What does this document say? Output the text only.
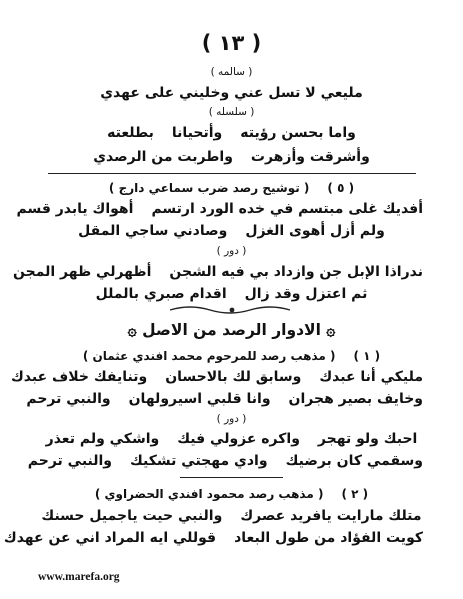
( ١٣ )
( سالمه )
مليعي لا تسل عني وخليني على عهدي
( سلسله )
واما بحسن رؤيتهوأتحيانابطلعته
وأشرقت وأزهرتواطربت من الرصدي
( ٥ )( توشيح رصد ضرب سماعي دارج )
أفديك غلى مبتسم في خده الورد ارتسمأهواك يابدر قسم
ولم أزل أهوى الغزلوصادني ساجي المقل
( دور )
ندراذا الإبل جن وازداد بي فيه الشجنأظهرلي ظهر المجن
ثم اعتزل وقد زالاقدام صبري بالملل
۞ الادوار الرصد من الاصل ۞
( ١ )( مذهب رصد للمرحوم محمد افندي عثمان )
مليكي أنا عبدكوسابق لك بالاحسانوتنايفك خلاف عبدك
وخايف بصير هجرانوانا قلبي اسيرولهانوالنبي ترحم
( دور )
احبك ولو تهجرواكره عزولي فيكواشكي ولم تعذر
وسقمي كان برضيكوادي مهجتي تشكيكوالنبي ترحم
( ٢ )( مذهب رصد محمود افندي الحضراوي )
متلك مارايت يافريد عصركوالنبي حيت ياجميل حسنك
كويت الفؤاد من طول البعادقوللي ايه المراد اني عن عهدك
www.marefa.org
